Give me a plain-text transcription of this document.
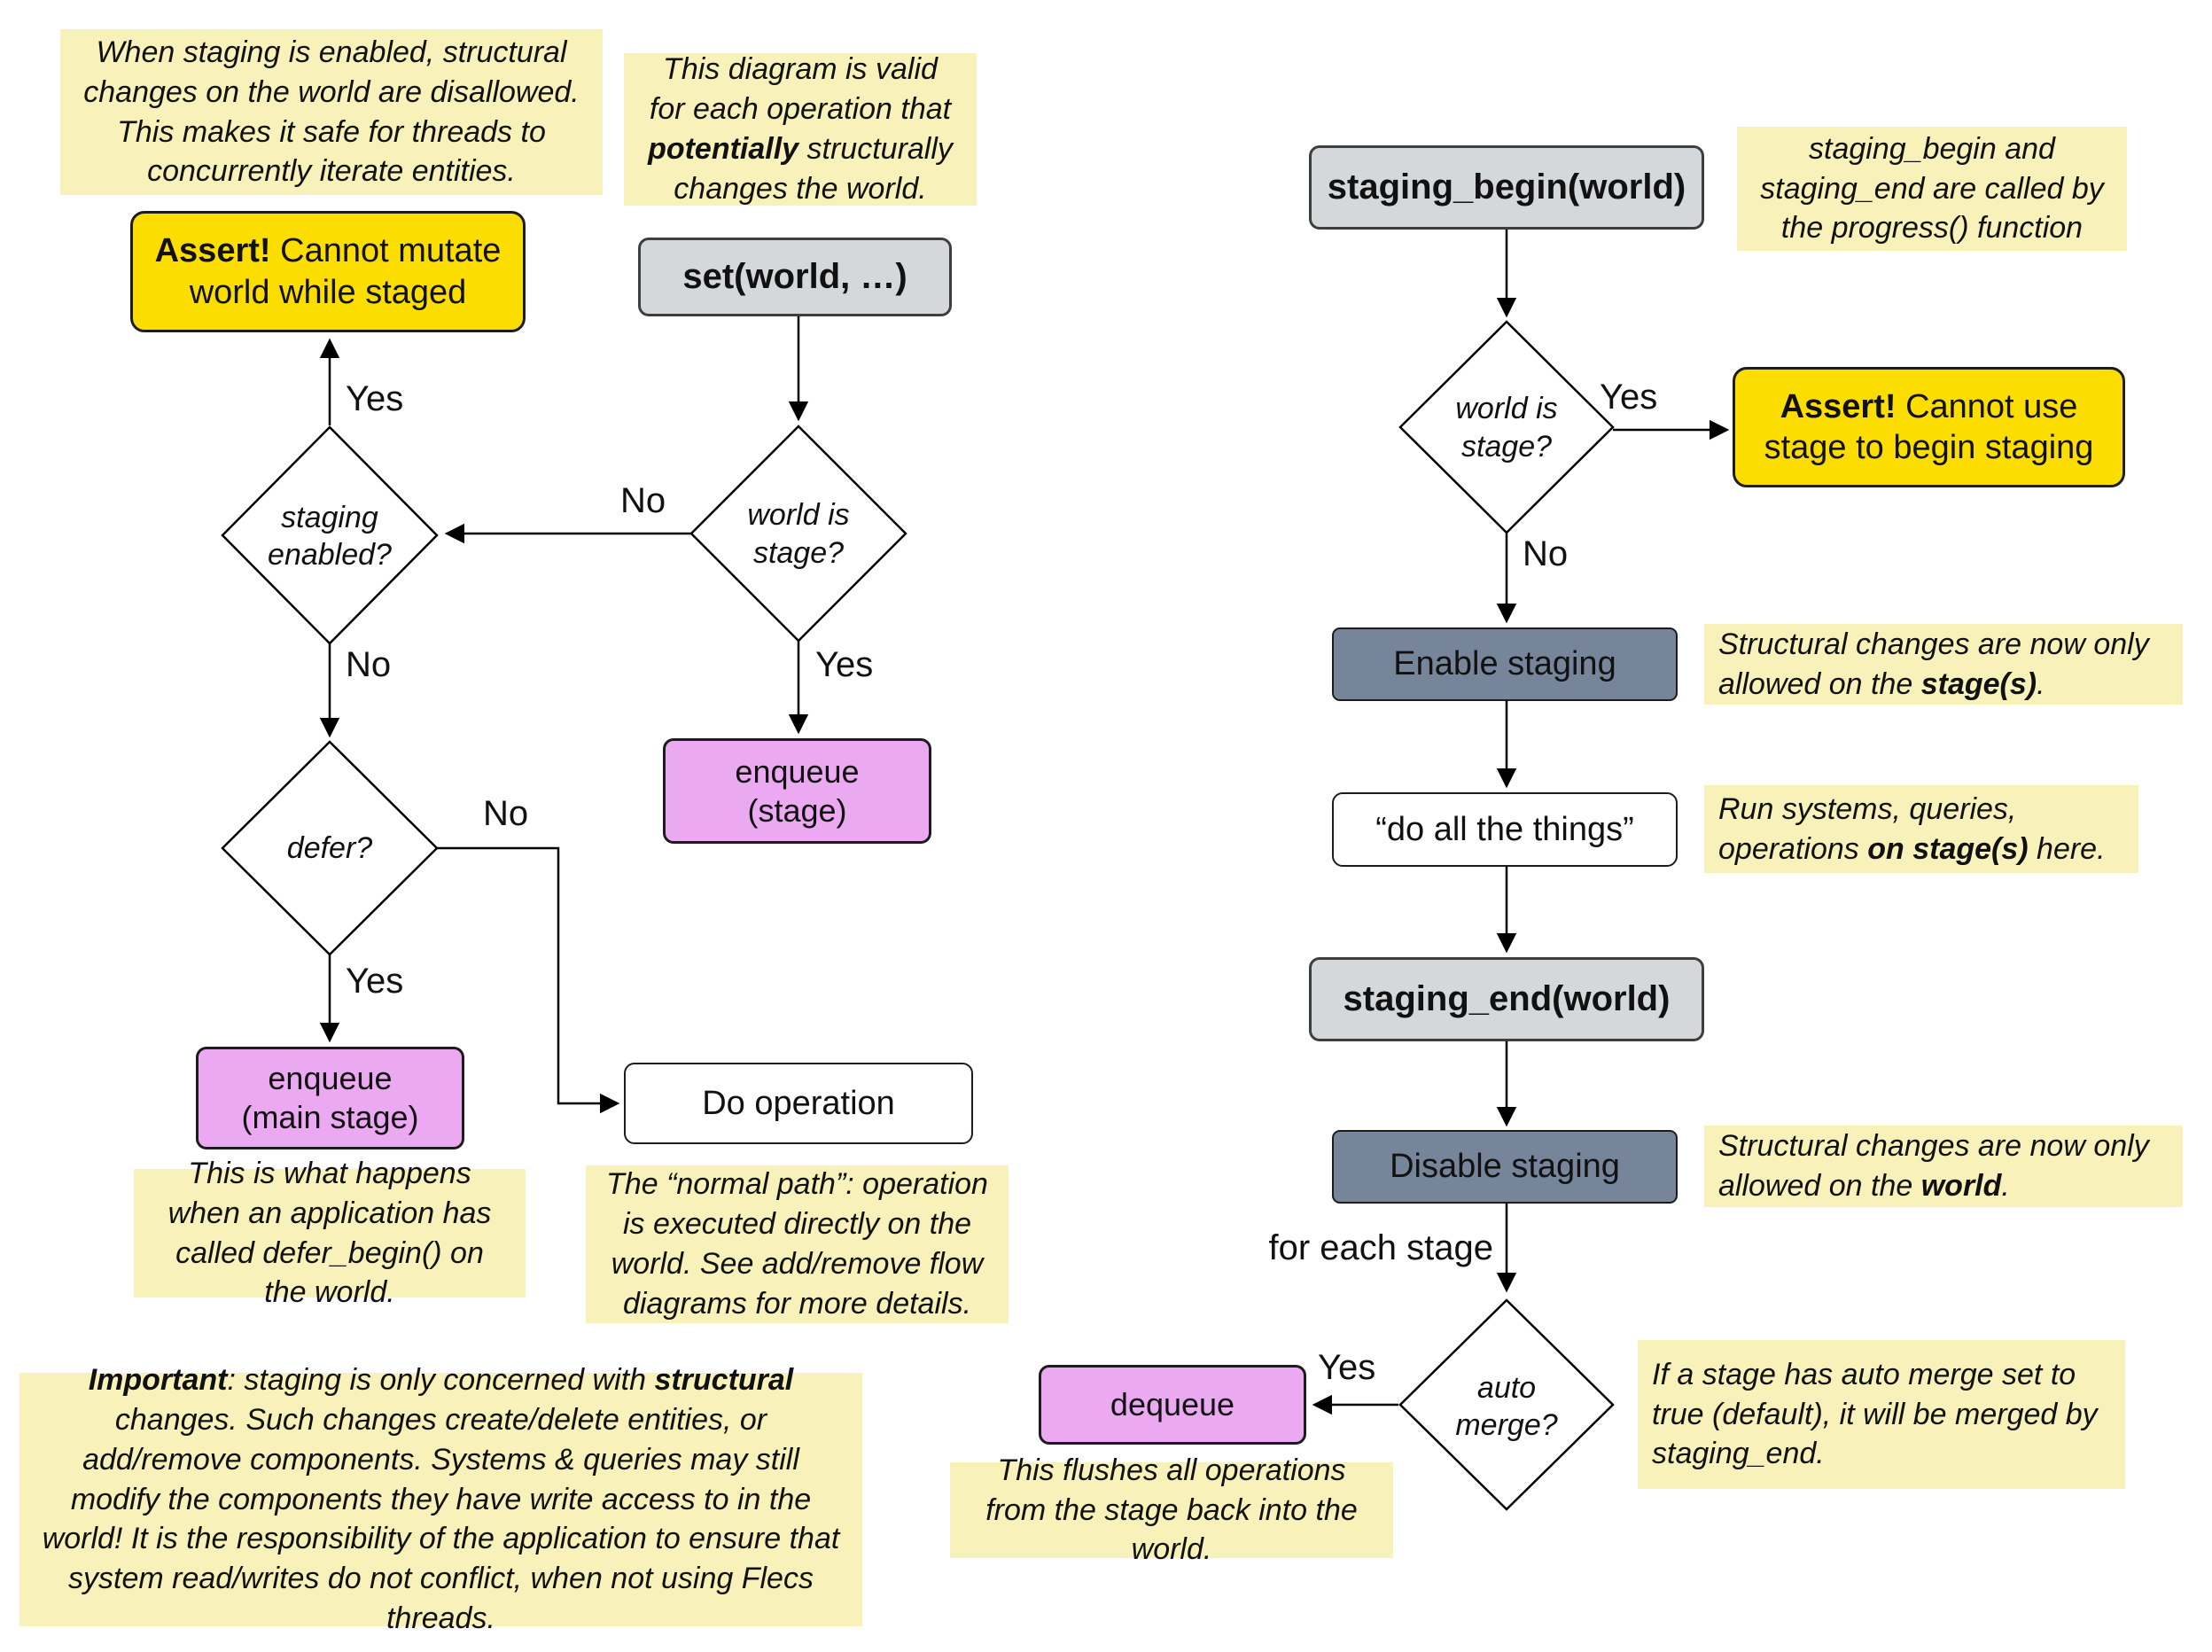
When staging is enabled, structural changes on the world are disallowed. This makes it safe for threads to concurrently iterate entities.
This diagram is valid for each operation that potentially structurally changes the world.
Assert! Cannot mutate world while staged	set(world, …)
staging
enabled?
world is
stage?
defer?
enqueue
(stage)
enqueue
(main stage)	Do operation
This is what happens when an application has called defer_begin() on the world.
The “normal path”: operation is executed directly on the world. See add/remove flow diagrams for more details.
Important: staging is only concerned with structural changes. Such changes create/delete entities, or add/remove components. Systems & queries may still modify the components they have write access to in the world! It is the responsibility of the application to ensure that system read/writes do not conflict, when not using Flecs threads.
Yes
No
No	Yes
No
Yes
staging_begin(world)
staging_begin and staging_end are called by the progress() function
world is
stage?
Assert! Cannot use stage to begin staging
Enable staging
Structural changes are now only allowed on the stage(s).
“do all the things”
Run systems, queries, operations on stage(s) here.
staging_end(world)
Disable staging
Structural changes are now only allowed on the world.
for each stage
auto
merge?
dequeue
If a stage has auto merge set to true (default), it will be merged by staging_end.
This flushes all operations from the stage back into the world.
Yes
No
Yes
